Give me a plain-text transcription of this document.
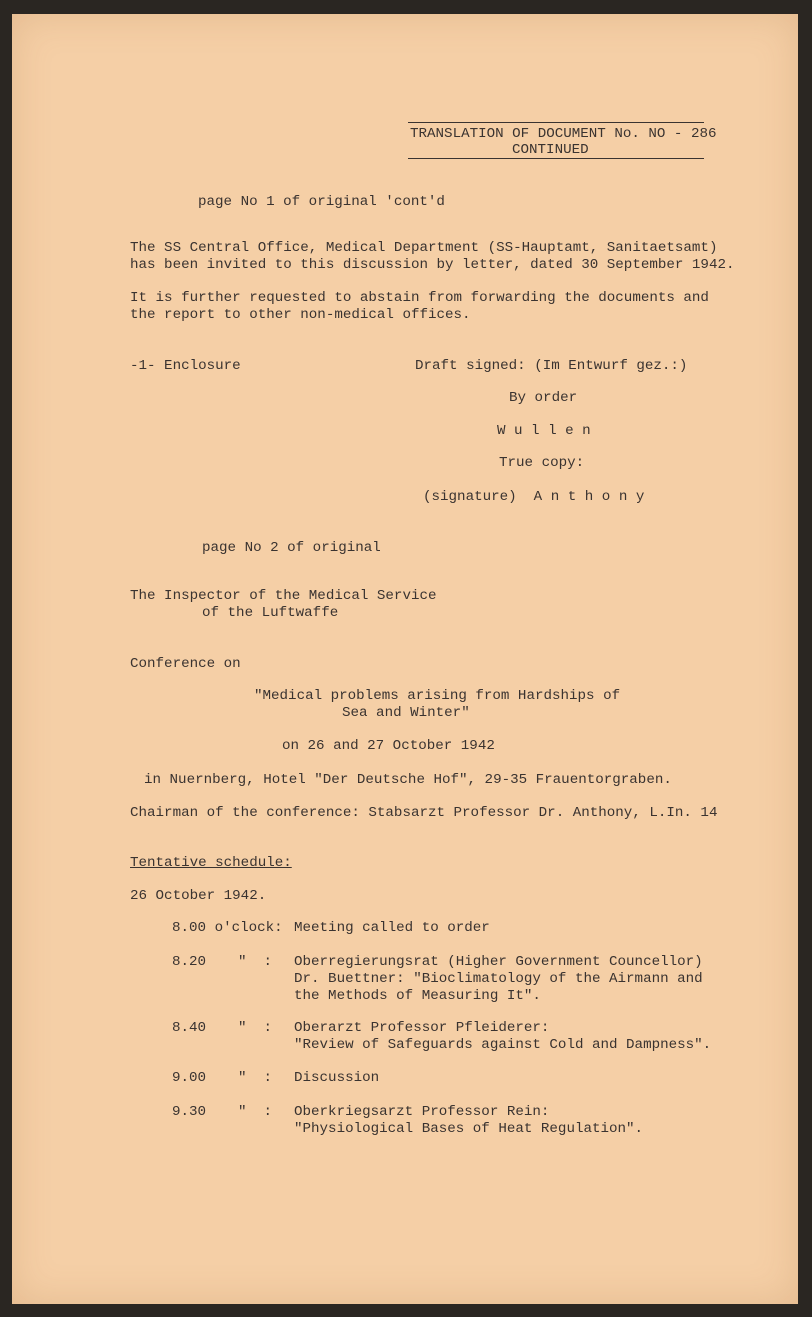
TRANSLATION OF DOCUMENT No. NO - 286
CONTINUED
page No 1 of original 'cont'd
The SS Central Office, Medical Department (SS-Hauptamt, Sanitaetsamt)
has been invited to this discussion by letter, dated 30 September 1942.
It is further requested to abstain from forwarding the documents and
the report to other non-medical offices.
-1- Enclosure	Draft signed: (Im Entwurf gez.:)
By order
W u l l e n
True copy:
(signature)  A n t h o n y
page No 2 of original
The Inspector of the Medical Service
of the Luftwaffe
Conference on
"Medical problems arising from Hardships of
Sea and Winter"
on 26 and 27 October 1942
in Nuernberg, Hotel "Der Deutsche Hof", 29-35 Frauentorgraben.
Chairman of the conference: Stabsarzt Professor Dr. Anthony, L.In. 14
Tentative schedule:
26 October 1942.
8.00 o'clock: Meeting called to order
8.20 "  : Oberregierungsrat (Higher Government Councellor)
Dr. Buettner: "Bioclimatology of the Airmann and
the Methods of Measuring It".
8.40 "  : Oberarzt Professor Pfleiderer:
"Review of Safeguards against Cold and Dampness".
9.00 "  : Discussion
9.30 "  : Oberkriegsarzt Professor Rein:
"Physiological Bases of Heat Regulation".
